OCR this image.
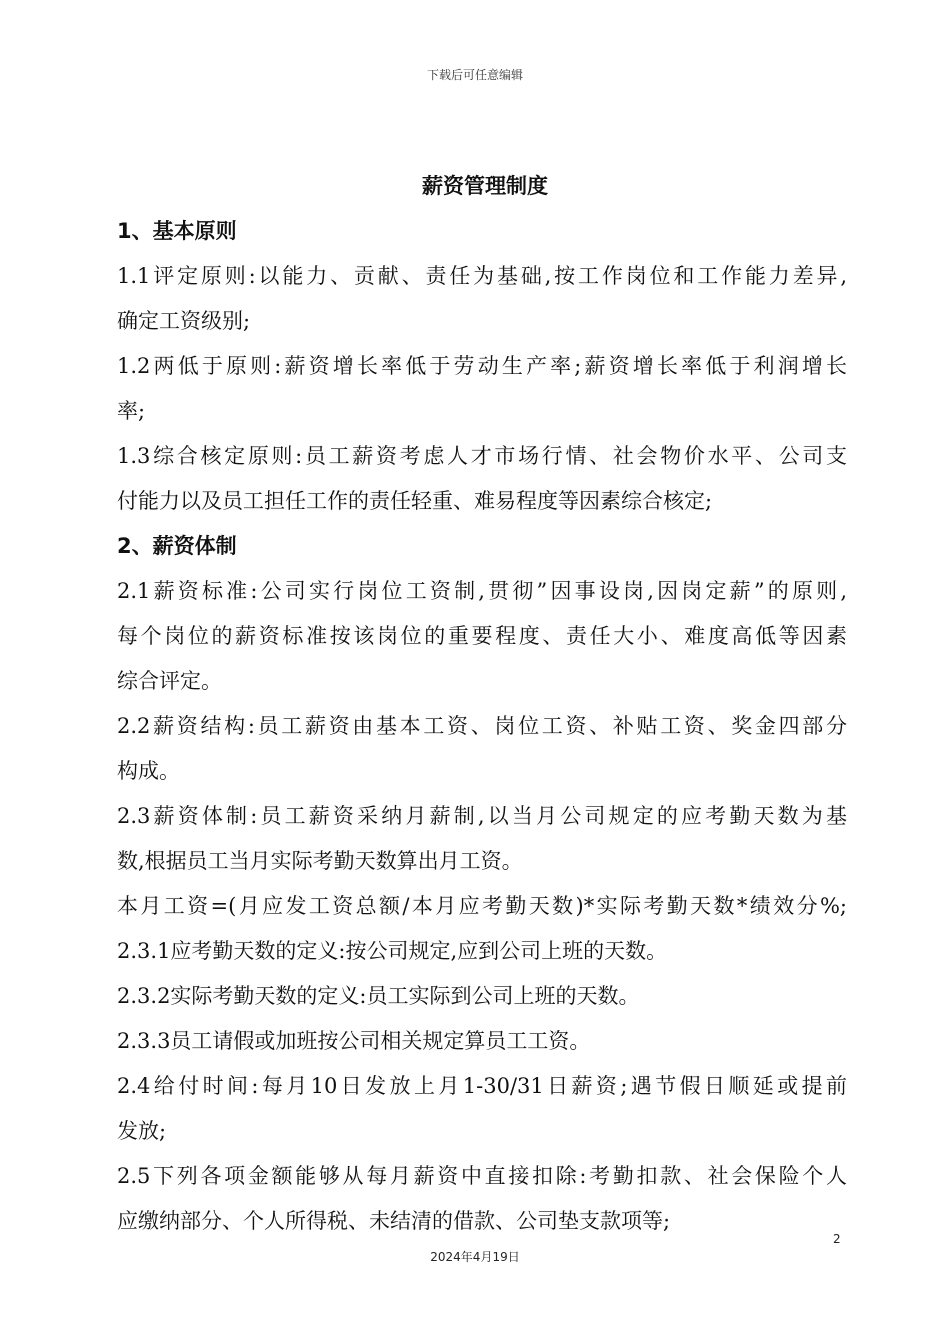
下载后可任意编辑
薪资管理制度
1、基本原则
1.1评定原则:以能力、贡献、责任为基础,按工作岗位和工作能力差异,
确定工资级别;
1.2两低于原则:薪资增长率低于劳动生产率;薪资增长率低于利润增长
率;
1.3综合核定原则:员工薪资考虑人才市场行情、社会物价水平、公司支
付能力以及员工担任工作的责任轻重、难易程度等因素综合核定;
2、薪资体制
2.1薪资标准:公司实行岗位工资制,贯彻”因事设岗,因岗定薪”的原则,
每个岗位的薪资标准按该岗位的重要程度、责任大小、难度高低等因素
综合评定。
2.2薪资结构:员工薪资由基本工资、岗位工资、补贴工资、奖金四部分
构成。
2.3薪资体制:员工薪资采纳月薪制,以当月公司规定的应考勤天数为基
数,根据员工当月实际考勤天数算出月工资。
本月工资=(月应发工资总额/本月应考勤天数)*实际考勤天数*绩效分%;
2.3.1应考勤天数的定义:按公司规定,应到公司上班的天数。
2.3.2实际考勤天数的定义:员工实际到公司上班的天数。
2.3.3员工请假或加班按公司相关规定算员工工资。
2.4给付时间:每月10日发放上月1-30/31日薪资;遇节假日顺延或提前
发放;
2.5下列各项金额能够从每月薪资中直接扣除:考勤扣款、社会保险个人
应缴纳部分、个人所得税、未结清的借款、公司垫支款项等;
2
2024年4月19日
